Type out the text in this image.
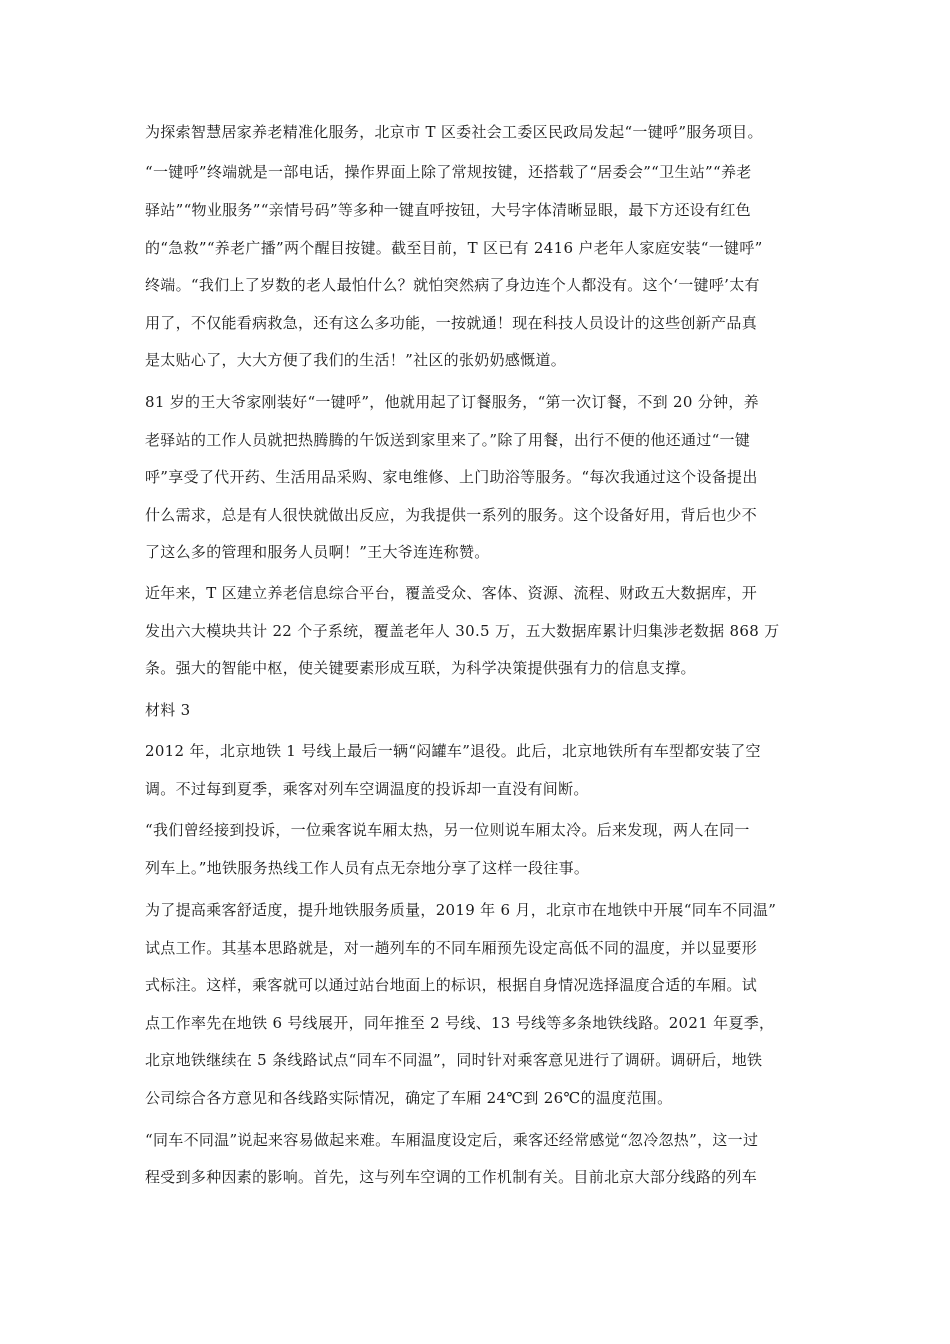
为探索智慧居家养老精准化服务，北京市 T 区委社会工委区民政局发起“一键呼”服务项目。
“一键呼”终端就是一部电话，操作界面上除了常规按键，还搭载了“居委会”“卫生站”“养老
驿站”“物业服务”“亲情号码”等多种一键直呼按钮，大号字体清晰显眼，最下方还设有红色
的“急救”“养老广播”两个醒目按键。截至目前，T 区已有 2416 户老年人家庭安装“一键呼”
终端。“我们上了岁数的老人最怕什么？就怕突然病了身边连个人都没有。这个‘一键呼’太有
用了，不仅能看病救急，还有这么多功能，一按就通！现在科技人员设计的这些创新产品真
是太贴心了，大大方便了我们的生活！”社区的张奶奶感慨道。
81 岁的王大爷家刚装好“一键呼”，他就用起了订餐服务，“第一次订餐，不到 20 分钟，养
老驿站的工作人员就把热腾腾的午饭送到家里来了。”除了用餐，出行不便的他还通过“一键
呼”享受了代开药、生活用品采购、家电维修、上门助浴等服务。“每次我通过这个设备提出
什么需求，总是有人很快就做出反应，为我提供一系列的服务。这个设备好用，背后也少不
了这么多的管理和服务人员啊！”王大爷连连称赞。
近年来，T 区建立养老信息综合平台，覆盖受众、客体、资源、流程、财政五大数据库，开
发出六大模块共计 22 个子系统，覆盖老年人 30.5 万，五大数据库累计归集涉老数据 868 万
条。强大的智能中枢，使关键要素形成互联，为科学决策提供强有力的信息支撑。
材料 3
2012 年，北京地铁 1 号线上最后一辆“闷罐车”退役。此后，北京地铁所有车型都安装了空
调。不过每到夏季，乘客对列车空调温度的投诉却一直没有间断。
“我们曾经接到投诉，一位乘客说车厢太热，另一位则说车厢太冷。后来发现，两人在同一
列车上。”地铁服务热线工作人员有点无奈地分享了这样一段往事。
为了提高乘客舒适度，提升地铁服务质量，2019 年 6 月，北京市在地铁中开展“同车不同温”
试点工作。其基本思路就是，对一趟列车的不同车厢预先设定高低不同的温度，并以显要形
式标注。这样，乘客就可以通过站台地面上的标识，根据自身情况选择温度合适的车厢。试
点工作率先在地铁 6 号线展开，同年推至 2 号线、13 号线等多条地铁线路。2021 年夏季，
北京地铁继续在 5 条线路试点“同车不同温”，同时针对乘客意见进行了调研。调研后，地铁
公司综合各方意见和各线路实际情况，确定了车厢 24℃到 26℃的温度范围。
“同车不同温”说起来容易做起来难。车厢温度设定后，乘客还经常感觉“忽冷忽热”，这一过
程受到多种因素的影响。首先，这与列车空调的工作机制有关。目前北京大部分线路的列车
